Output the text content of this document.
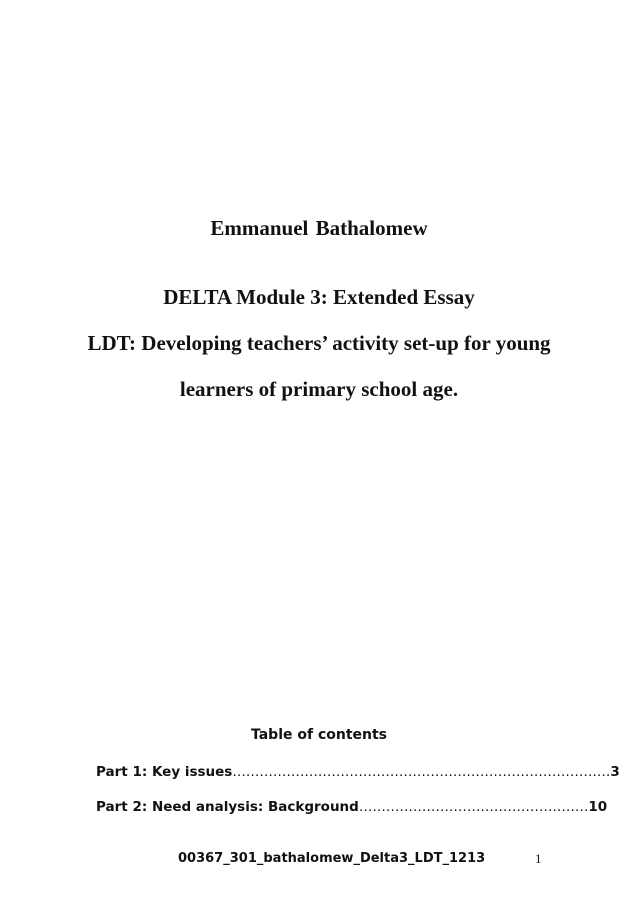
Emmanuel Bathalomew
DELTA Module 3: Extended Essay
LDT: Developing teachers’ activity set-up for young
learners of primary school age.
Table of contents
Part 1: Key issues…………………………………………………………………………3
Part 2: Need analysis: Background……………………………………………10
00367_301_bathalomew_Delta3_LDT_1213	1
